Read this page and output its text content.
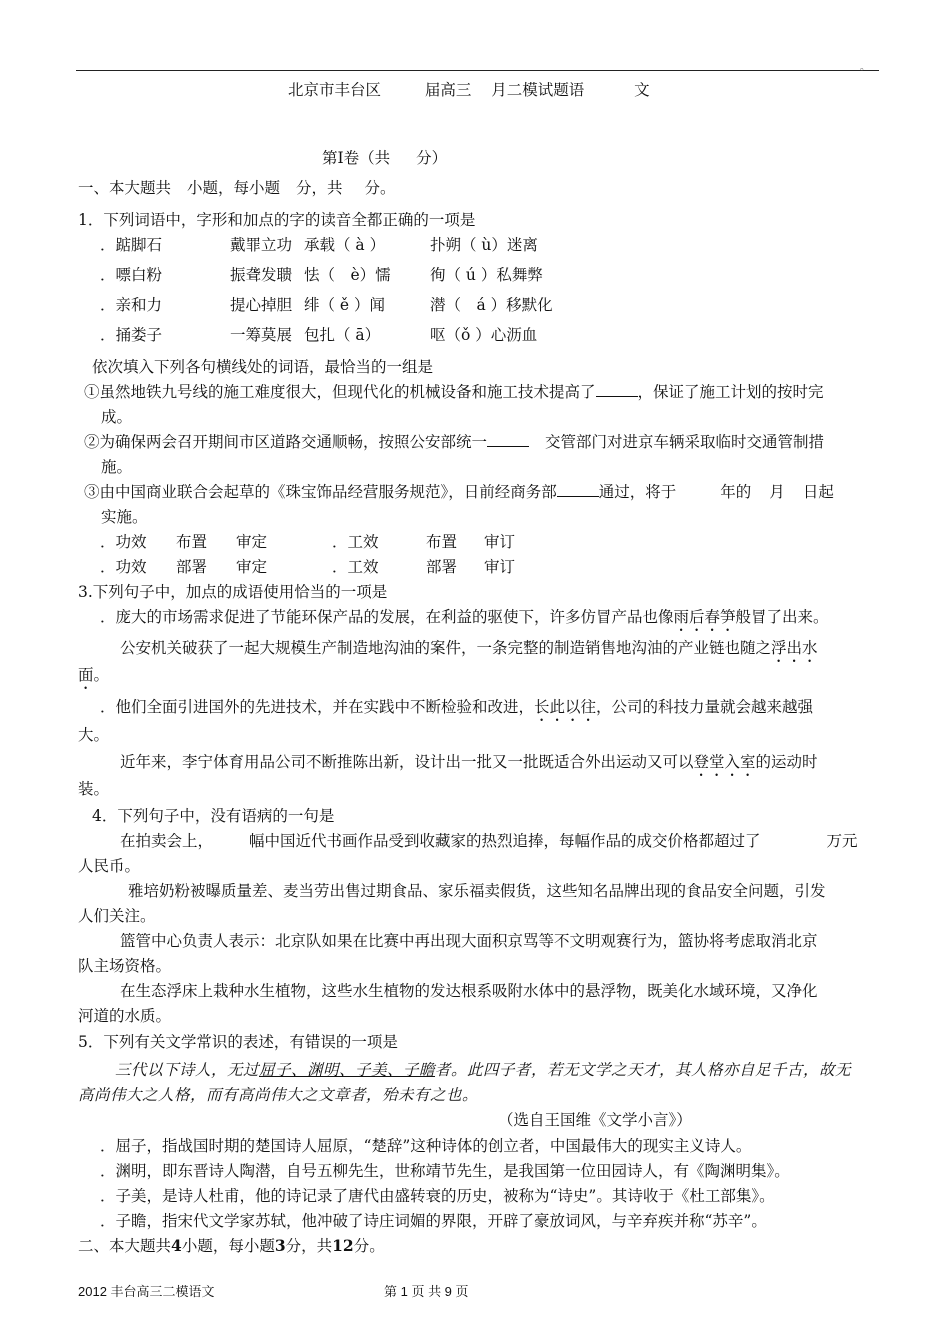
。
北京市丰台区	届高三 月二模试题语	文
第Ⅰ卷（共 分）
一、本大题共 小题，每小题 分，共 分。
1．下列词语中，字形和加点的字的读音全都正确的一项是
．踮脚石	戴罪立功 承载（ à ）	扑朔（ ù）迷离
．嘌白粉	振聋发聩 怯（　è）懦	徇（ ú ）私舞弊
．亲和力	提心掉胆 绯（ ě ）闻	潜（　á ）移默化
．捅娄子	一筹莫展 包扎（ ā）	呕（ǒ ）心沥血
依次填入下列各句横线处的词语，最恰当的一组是
①虽然地铁九号线的施工难度很大，但现代化的机械设备和施工技术提高了	，保证了施工计划的按时完
成。
②为确保两会召开期间市区道路交通顺畅，按照公安部统一	交管部门对进京车辆采取临时交通管制措
施。
③由中国商业联合会起草的《珠宝饰品经营服务规范》，日前经商务部	通过，将于	年的 月 日起
实施。
．功效 布置 审定	．工效	布置 审订
．功效 部署 审定	．工效	部署 审订
3.下列句子中，加点的成语使用恰当的一项是
．庞大的市场需求促进了节能环保产品的发展，在利益的驱使下，许多仿冒产品也像雨后春笋般冒了出来。
公安机关破获了一起大规模生产制造地沟油的案件，一条完整的制造销售地沟油的产业链也随之浮出水
面。
．他们全面引进国外的先进技术，并在实践中不断检验和改进，长此以往，公司的科技力量就会越来越强
大。
近年来，李宁体育用品公司不断推陈出新，设计出一批又一批既适合外出运动又可以登堂入室的运动时
装。
4．下列句子中，没有语病的一句是
在拍卖会上， 幅中国近代书画作品受到收藏家的热烈追捧，每幅作品的成交价格都超过了	万元
人民币。
雅培奶粉被曝质量差、麦当劳出售过期食品、家乐福卖假货，这些知名品牌出现的食品安全问题，引发
人们关注。
篮管中心负责人表示：北京队如果在比赛中再出现大面积京骂等不文明观赛行为，篮协将考虑取消北京
队主场资格。
在生态浮床上栽种水生植物，这些水生植物的发达根系吸附水体中的悬浮物，既美化水域环境，又净化
河道的水质。
5．下列有关文学常识的表述，有错误的一项是
三代以下诗人，无过屈子、渊明、子美、子瞻者。此四子者，若无文学之天才，其人格亦自足千古，故无
高尚伟大之人格，而有高尚伟大之文章者，殆未有之也。
（选自王国维《文学小言》）
．屈子，指战国时期的楚国诗人屈原，“楚辞”这种诗体的创立者，中国最伟大的现实主义诗人。
．渊明，即东晋诗人陶潜，自号五柳先生，世称靖节先生，是我国第一位田园诗人，有《陶渊明集》。
．子美，是诗人杜甫，他的诗记录了唐代由盛转衰的历史，被称为“诗史”。其诗收于《杜工部集》。
．子瞻，指宋代文学家苏轼，他冲破了诗庄词媚的界限，开辟了豪放词风，与辛弃疾并称“苏辛”。
二、本大题共4小题，每小题3分，共12分。
2012 丰台高三二模语文	第 1 页 共 9 页
